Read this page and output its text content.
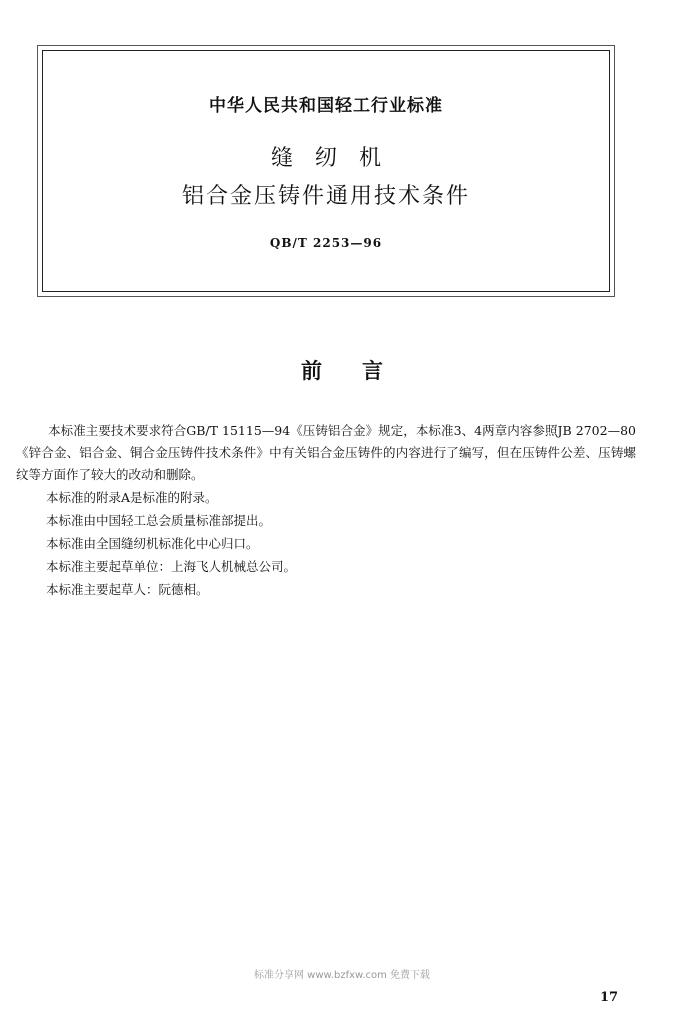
中华人民共和国轻工行业标准
缝纫机
铝合金压铸件通用技术条件
QB/T 2253—96
前言
本标准主要技术要求符合GB/T 15115—94《压铸铝合金》规定，本标准3、4两章内容参照JB 2702—80《锌合金、铝合金、铜合金压铸件技术条件》中有关铝合金压铸件的内容进行了编写，但在压铸件公差、压铸螺纹等方面作了较大的改动和删除。
本标准的附录A是标准的附录。
本标准由中国轻工总会质量标准部提出。
本标准由全国缝纫机标准化中心归口。
本标准主要起草单位：上海飞人机械总公司。
本标准主要起草人：阮德相。
标准分享网 www.bzfxw.com 免费下载
17
